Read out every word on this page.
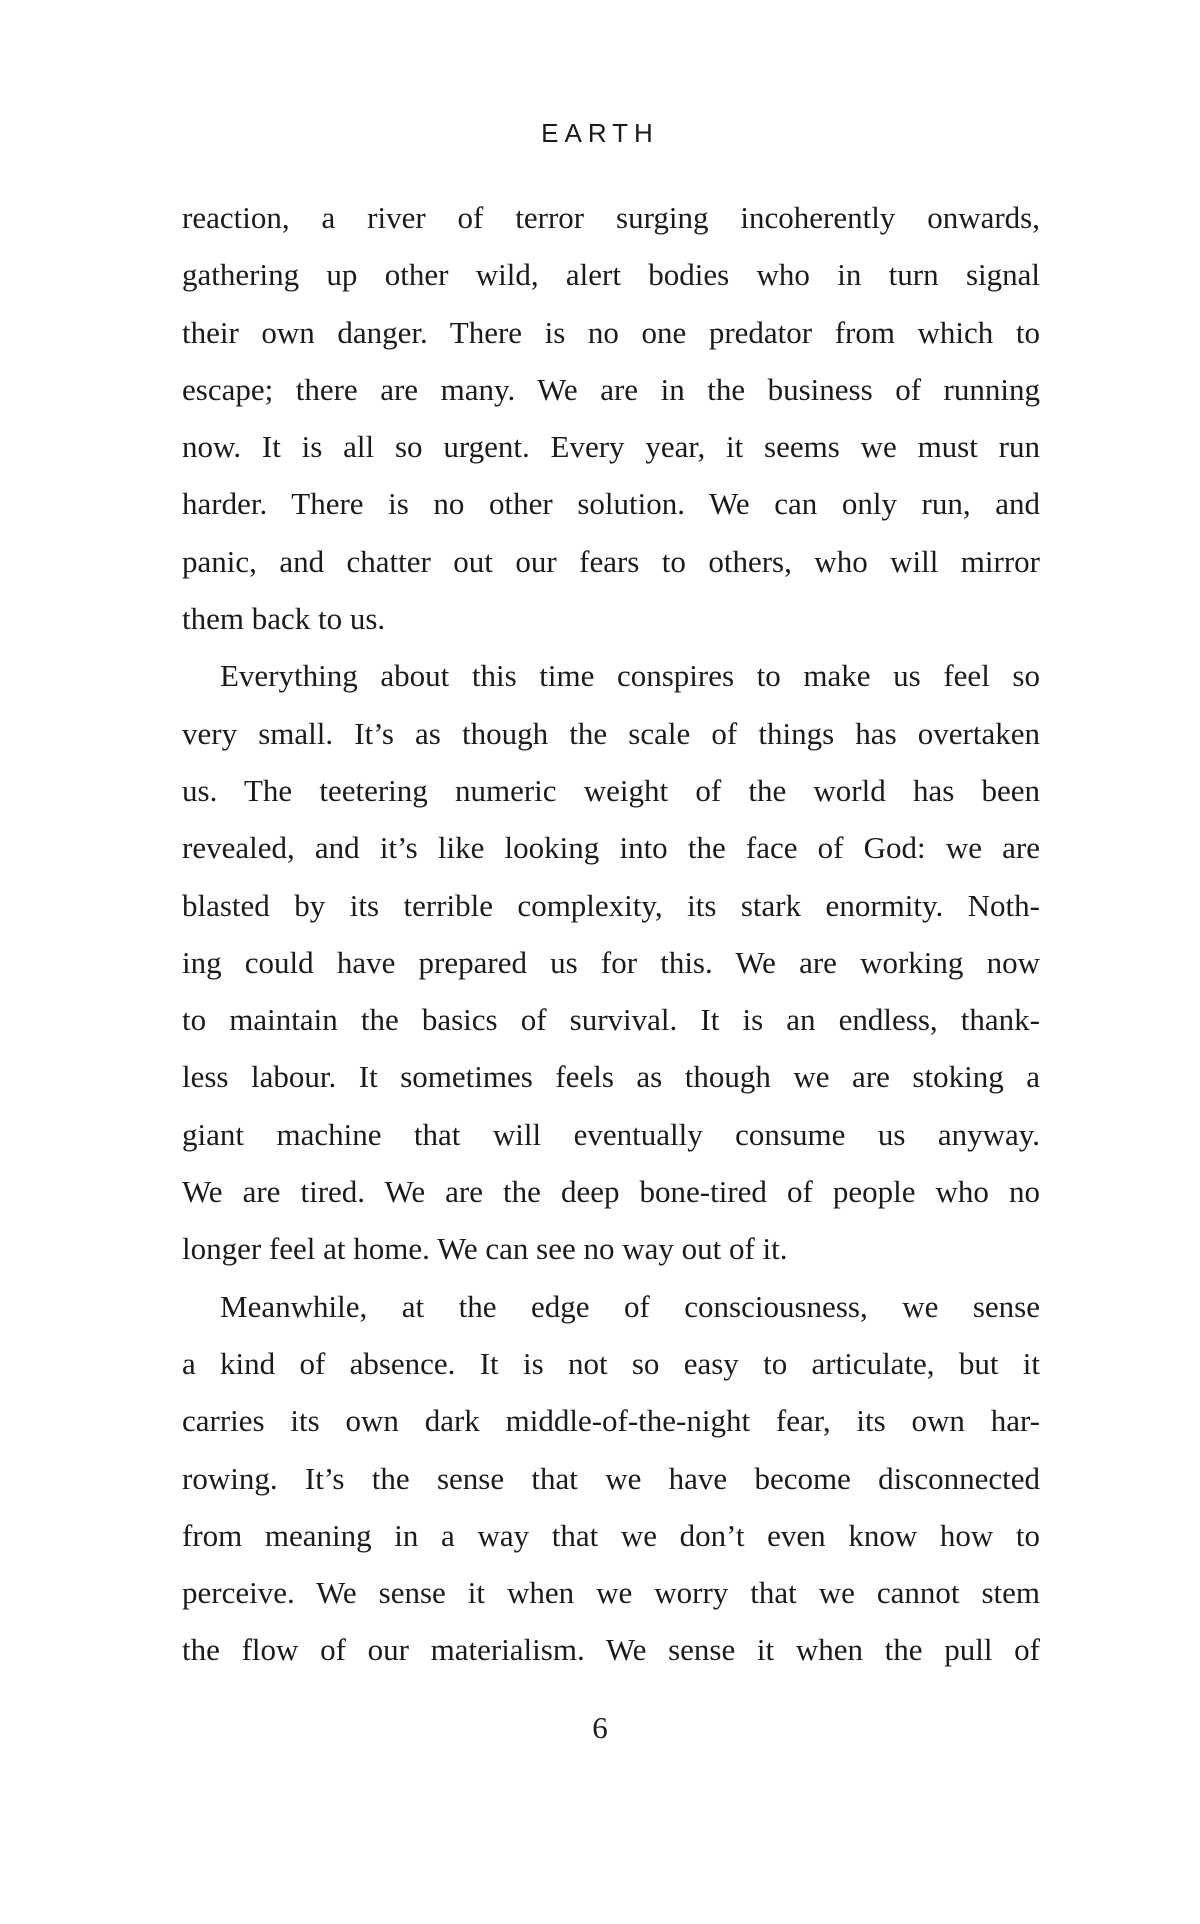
EARTH
reaction, a river of terror surging incoherently onwards,
gathering up other wild, alert bodies who in turn signal
their own danger. There is no one predator from which to
escape; there are many. We are in the business of running
now. It is all so urgent. Every year, it seems we must run
harder. There is no other solution. We can only run, and
panic, and chatter out our fears to others, who will mirror
them back to us.
Everything about this time conspires to make us feel so
very small. It’s as though the scale of things has overtaken
us. The teetering numeric weight of the world has been
revealed, and it’s like looking into the face of God: we are
blasted by its terrible complexity, its stark enormity. Noth-
ing could have prepared us for this. We are working now
to maintain the basics of survival. It is an endless, thank-
less labour. It sometimes feels as though we are stoking a
giant machine that will eventually consume us anyway.
We are tired. We are the deep bone-tired of people who no
longer feel at home. We can see no way out of it.
Meanwhile, at the edge of consciousness, we sense
a kind of absence. It is not so easy to articulate, but it
carries its own dark middle-of-the-night fear, its own har-
rowing. It’s the sense that we have become disconnected
from meaning in a way that we don’t even know how to
perceive. We sense it when we worry that we cannot stem
the flow of our materialism. We sense it when the pull of

6
